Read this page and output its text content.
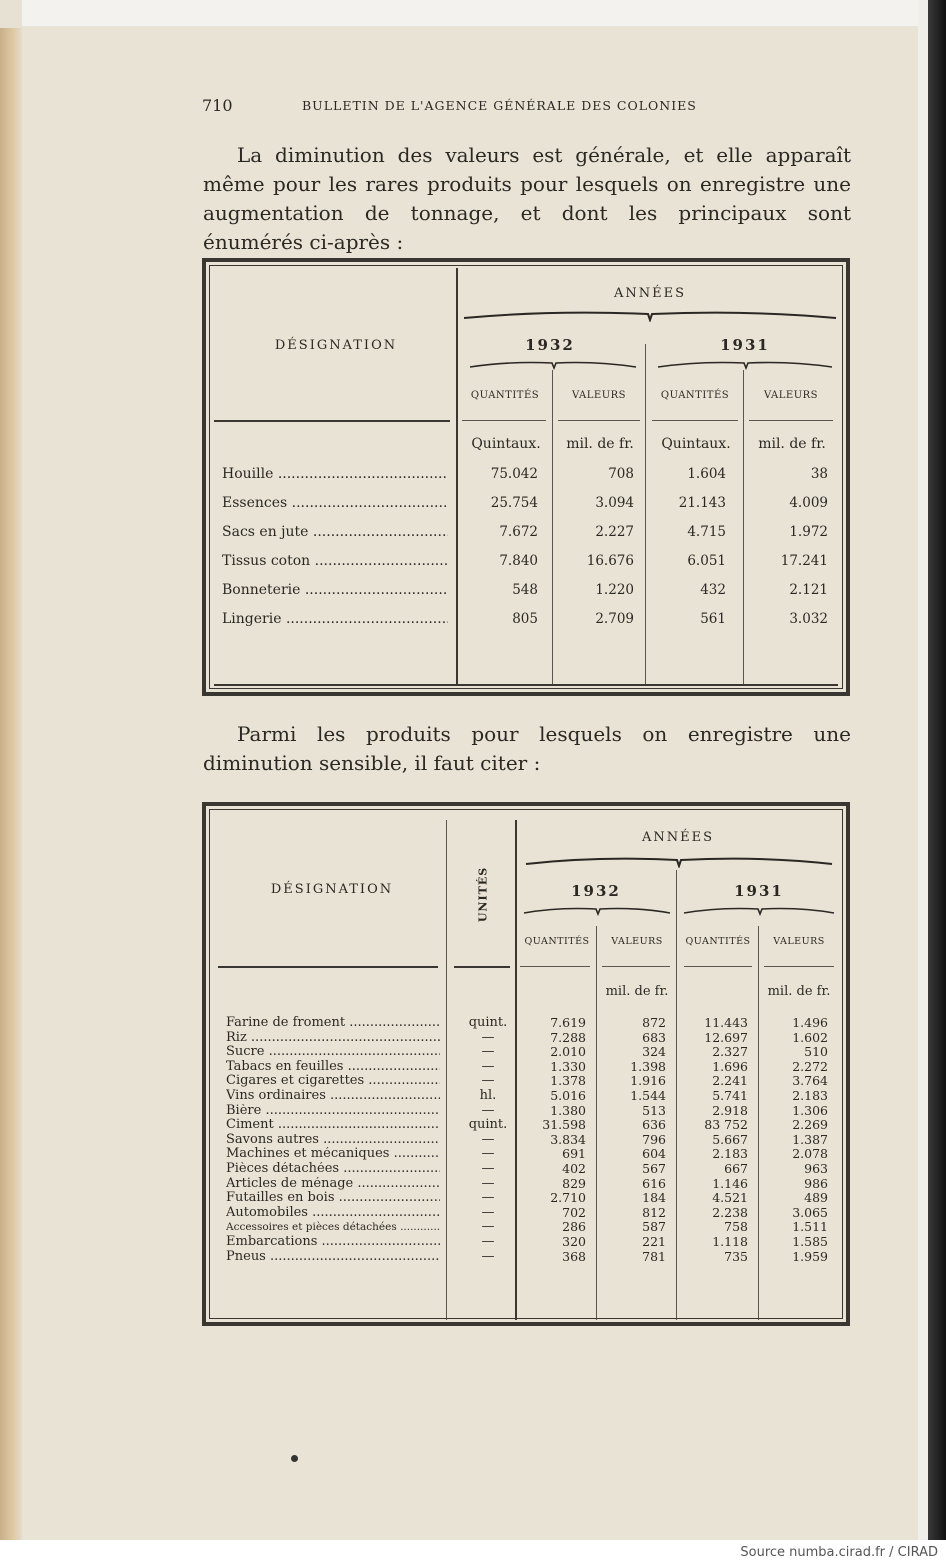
710	BULLETIN DE L'AGENCE GÉNÉRALE DES COLONIES
La diminution des valeurs est générale, et elle apparaît même pour les rares produits pour lesquels on enregistre une augmentation de tonnage, et dont les principaux sont énumérés ci-après :
DÉSIGNATION
ANNÉES
1932	1931
QUANTITÉS	VALEURS	QUANTITÉS	VALEURS
Quintaux.	mil. de fr.	Quintaux.	mil. de fr.
Houille .....	75.042	708	1.604	38
Essences .....	25.754	3.094	21.143	4.009
Sacs en jute .....	7.672	2.227	4.715	1.972
Tissus coton .....	7.840	16.676	6.051	17.241
Bonneterie .....	548	1.220	432	2.121
Lingerie .....	805	2.709	561	3.032
Parmi les produits pour lesquels on enregistre une diminution sensible, il faut citer :
DÉSIGNATION	UNITÉS
ANNÉES
1932	1931
QUANTITÉS	VALEURS	QUANTITÉS	VALEURS
mil. de fr.	mil. de fr.
Farine de froment .....	quint.	7.619	872	11.443	1.496
Riz .....	—	7.288	683	12.697	1.602
Sucre .....	—	2.010	324	2.327	510
Tabacs en feuilles .....	—	1.330	1.398	1.696	2.272
Cigares et cigarettes .....	—	1.378	1.916	2.241	3.764
Vins ordinaires .....	hl.	5.016	1.544	5.741	2.183
Bière .....	—	1.380	513	2.918	1.306
Ciment .....	quint.	31.598	636	83 752	2.269
Savons autres .....	—	3.834	796	5.667	1.387
Machines et mécaniques .....	—	691	604	2.183	2.078
Pièces détachées .....	—	402	567	667	963
Articles de ménage .....	—	829	616	1.146	986
Futailles en bois .....	—	2.710	184	4.521	489
Automobiles .....	—	702	812	2.238	3.065
Accessoires et pièces détachées .....	—	286	587	758	1.511
Embarcations .....	—	320	221	1.118	1.585
Pneus .....	—	368	781	735	1.959
Source numba.cirad.fr / CIRAD
